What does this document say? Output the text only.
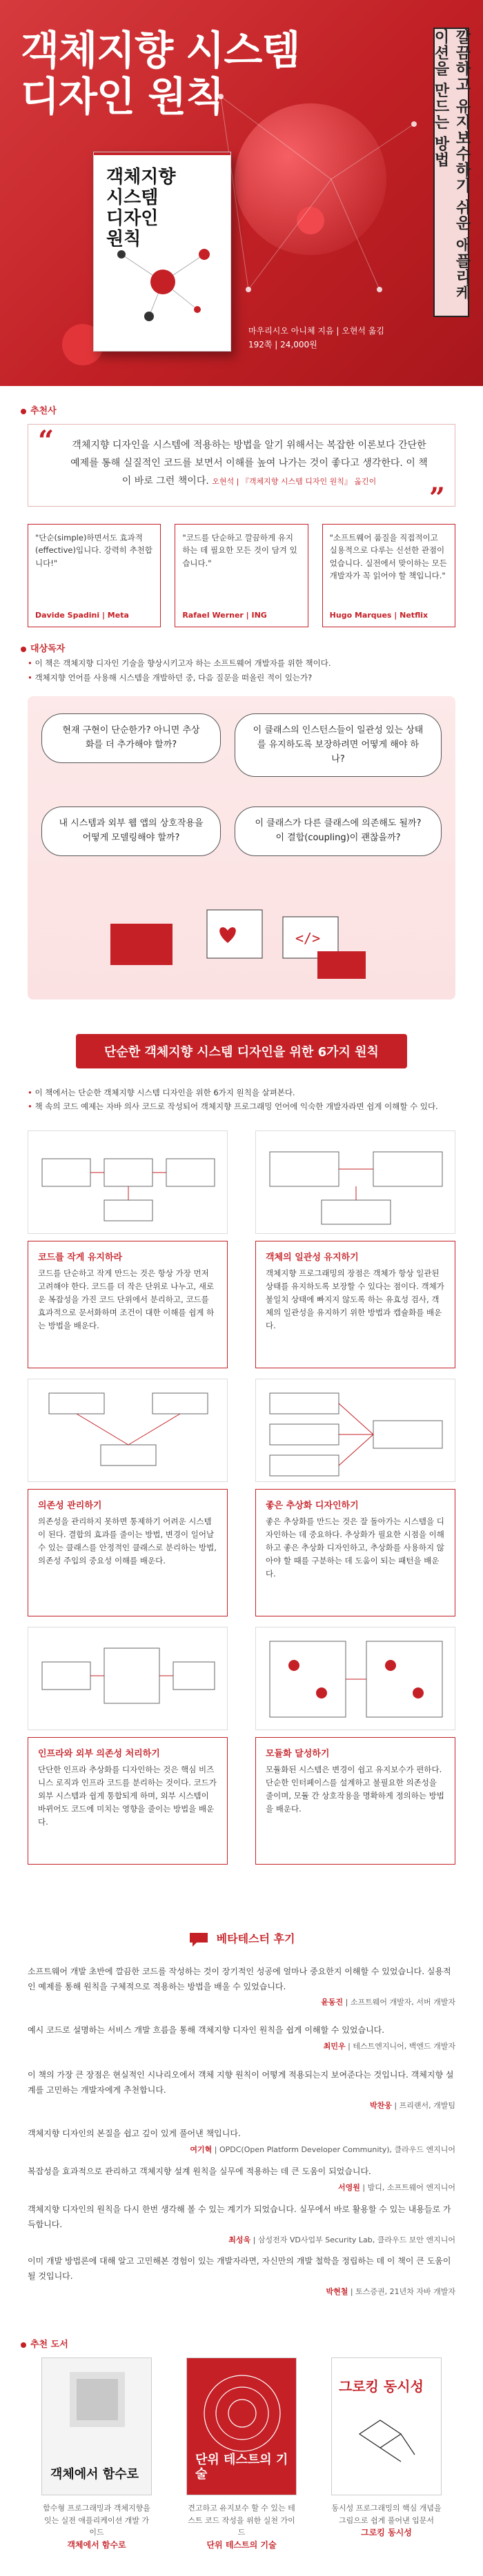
객체지향 시스템
디자인 원칙	깔끔하고 유지보수하기 쉬운 애플리케이션을 만드는 방법
객체지향
시스템
디자인
원칙
마우리시오 아니체 지음 | 오현석 옮김
192쪽 | 24,000원
추천사
“
”
객체지향 디자인을 시스템에 적용하는 방법을 알기 위해서는 복잡한 이론보다 간단한 예제를 통해 실질적인 코드를 보면서 이해를 높여 나가는 것이 좋다고 생각한다. 이 책이 바로 그런 책이다. 오현석 | 『객체지향 시스템 디자인 원칙』 옮긴이
"단순(simple)하면서도 효과적(effective)입니다. 강력히 추천합니다!"
Davide Spadini | Meta
"코드를 단순하고 깔끔하게 유지하는 데 필요한 모든 것이 담겨 있습니다."
Rafael Werner | ING
"소프트웨어 품질을 직접적이고 실용적으로 다루는 신선한 관점이었습니다. 실전에서 맞이하는 모든 개발자가 꼭 읽어야 할 책입니다."
Hugo Marques | Netflix
대상독자
• 이 책은 객체지향 디자인 기술을 향상시키고자 하는 소프트웨어 개발자를 위한 책이다.
• 객체지향 언어를 사용해 시스템을 개발하던 중, 다음 질문을 떠올린 적이 있는가?
</>
현재 구현이 단순한가? 아니면 추상화를 더 추가해야 할까?
이 클래스의 인스턴스들이 일관성 있는 상태를 유지하도록 보장하려면 어떻게 해야 하나?
내 시스템과 외부 웹 앱의 상호작용을 어떻게 모델링해야 할까?
이 클래스가 다른 클래스에 의존해도 될까? 이 결합(coupling)이 괜찮을까?
단순한 객체지향 시스템 디자인을 위한 6가지 원칙
• 이 책에서는 단순한 객체지향 시스템 디자인을 위한 6가지 원칙을 살펴본다.
• 책 속의 코드 예제는 자바 의사 코드로 작성되어 객체지향 프로그래밍 언어에 익숙한 개발자라면 쉽게 이해할 수 있다.
코드를 작게 유지하라
코드를 단순하고 작게 만드는 것은 항상 가장 먼저 고려해야 한다. 코드를 더 작은 단위로 나누고, 새로운 복잡성을 가진 코드 단위에서 분리하고, 코드를 효과적으로 문서화하며 조건이 대한 이해를 쉽게 하는 방법을 배운다.
객체의 일관성 유지하기
객체지향 프로그래밍의 장점은 객체가 항상 일관된 상태를 유지하도록 보장할 수 있다는 점이다. 객체가 불일치 상태에 빠지지 않도록 하는 유효성 검사, 객체의 일관성을 유지하기 위한 방법과 캡슐화를 배운다.
의존성 관리하기
의존성을 관리하지 못하면 통제하기 어려운 시스템이 된다. 결합의 효과를 줄이는 방법, 변경이 일어날 수 있는 클래스를 안정적인 클래스로 분리하는 방법, 의존성 주입의 중요성 이해를 배운다.
좋은 추상화 디자인하기
좋은 추상화를 만드는 것은 잘 돌아가는 시스템을 디자인하는 데 중요하다. 추상화가 필요한 시점을 이해하고 좋은 추상화 디자인하고, 추상화를 사용하지 않아야 할 때를 구분하는 데 도움이 되는 패턴을 배운다.
인프라와 외부 의존성 처리하기
단단한 인프라 추상화를 디자인하는 것은 핵심 비즈니스 로직과 인프라 코드를 분리하는 것이다. 코드가 외부 시스템과 쉽게 통합되게 하며, 외부 시스템이 바뀌어도 코드에 미치는 영향을 줄이는 방법을 배운다.
모듈화 달성하기
모듈화된 시스템은 변경이 쉽고 유지보수가 편하다. 단순한 인터페이스를 설계하고 불필요한 의존성을 줄이며, 모듈 간 상호작용을 명확하게 정의하는 방법을 배운다.
베타테스터 후기
소프트웨어 개발 초반에 깔끔한 코드를 작성하는 것이 장기적인 성공에 얼마나 중요한지 이해할 수 있었습니다. 실용적인 예제를 통해 원칙을 구체적으로 적용하는 방법을 배울 수 있었습니다.
윤동진 | 소프트웨어 개발자, 서버 개발자
예시 코드로 설명하는 서비스 개발 흐름을 통해 객체지향 디자인 원칙을 쉽게 이해할 수 있었습니다.
최민우 | 테스트엔지니어, 백엔드 개발자
이 책의 가장 큰 장점은 현실적인 시나리오에서 객체 지향 원칙이 어떻게 적용되는지 보여준다는 것입니다. 객체지향 설계를 고민하는 개발자에게 추천합니다.
박찬웅 | 프리랜서, 개발팀
객체지향 디자인의 본질을 쉽고 깊이 있게 풀어낸 책입니다.
여기혁 | OPDC(Open Platform Developer Community), 클라우드 엔지니어
복잡성을 효과적으로 관리하고 객체지향 설계 원칙을 실무에 적용하는 데 큰 도움이 되었습니다.
서영원 | 밤디, 소프트웨어 엔지니어
객체지향 디자인의 원칙을 다시 한번 생각해 볼 수 있는 계기가 되었습니다. 실무에서 바로 활용할 수 있는 내용들로 가득합니다.
최성욱 | 삼성전자 VD사업부 Security Lab, 클라우드 보안 엔지니어
이미 개발 방법론에 대해 알고 고민해본 경험이 있는 개발자라면, 자신만의 개발 철학을 정립하는 데 이 책이 큰 도움이 될 것입니다.
박현철 | 토스증권, 21년차 자바 개발자
추천 도서
객체에서 함수로
함수형 프로그래밍과 객체지향을 잇는 실전 애플리케이션 개발 가이드
객체에서 함수로
단위 테스트의 기술
견고하고 유지보수 할 수 있는 테스트 코드 작성을 위한 실천 가이드
단위 테스트의 기술
그로킹 동시성
동시성 프로그래밍의 핵심 개념을 그림으로 쉽게 풀어낸 입문서
그로킹 동시성
